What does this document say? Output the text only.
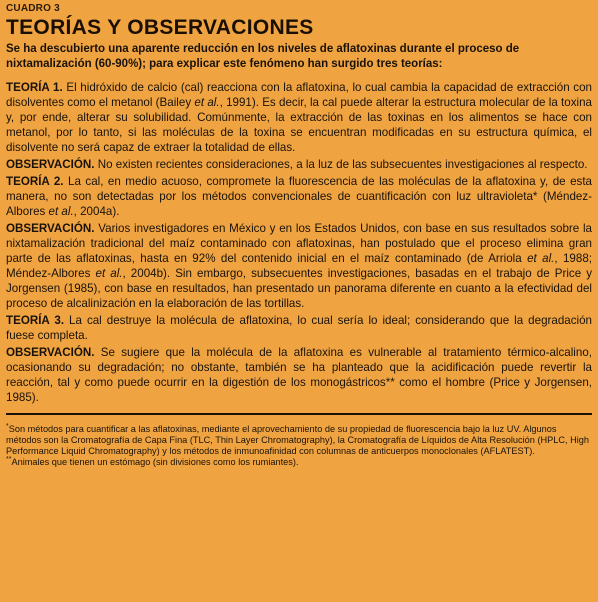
CUADRO 3
TEORÍAS Y OBSERVACIONES
Se ha descubierto una aparente reducción en los niveles de aflatoxinas durante el proceso de nixtamalización (60-90%); para explicar este fenómeno han surgido tres teorías:

TEORÍA 1. El hidróxido de calcio (cal) reacciona con la aflatoxina, lo cual cambia la capacidad de extracción con disolventes como el metanol (Bailey et al., 1991). Es decir, la cal puede alterar la estructura molecular de la toxina y, por ende, alterar su solubilidad. Comúnmente, la extracción de las toxinas en los alimentos se hace con metanol, por lo tanto, si las moléculas de la toxina se encuentran modificadas en su estructura química, el disolvente no será capaz de extraer la totalidad de ellas.

OBSERVACIÓN. No existen recientes consideraciones, a la luz de las subsecuentes investigaciones al respecto.

TEORÍA 2. La cal, en medio acuoso, compromete la fluorescencia de las moléculas de la aflatoxina y, de esta manera, no son detectadas por los métodos convencionales de cuantificación con luz ultravioleta* (Méndez-Albores et al., 2004a).

OBSERVACIÓN. Varios investigadores en México y en los Estados Unidos, con base en sus resultados sobre la nixtamalización tradicional del maíz contaminado con aflatoxinas, han postulado que el proceso elimina gran parte de las aflatoxinas, hasta en 92% del contenido inicial en el maíz contaminado (de Arriola et al., 1988; Méndez-Albores et al., 2004b). Sin embargo, subsecuentes investigaciones, basadas en el trabajo de Price y Jorgensen (1985), con base en resultados, han presentado un panorama diferente en cuanto a la efectividad del proceso de alcalinización en la elaboración de las tortillas.

TEORÍA 3. La cal destruye la molécula de aflatoxina, lo cual sería lo ideal; considerando que la degradación fuese completa.

OBSERVACIÓN. Se sugiere que la molécula de la aflatoxina es vulnerable al tratamiento térmico-alcalino, ocasionando su degradación; no obstante, también se ha planteado que la acidificación puede revertir la reacción, tal y como puede ocurrir en la digestión de los monogástricos** como el hombre (Price y Jorgensen, 1985).

*Son métodos para cuantificar a las aflatoxinas, mediante el aprovechamiento de su propiedad de fluorescencia bajo la luz UV. Algunos métodos son la Cromatografía de Capa Fina (TLC, Thin Layer Chromatography), la Cromatografía de Líquidos de Alta Resolución (HPLC, High Performance Liquid Chromatography) y los métodos de inmunoafinidad con columnas de anticuerpos monoclonales (AFLATEST).

**Animales que tienen un estómago (sin divisiones como los rumiantes).
